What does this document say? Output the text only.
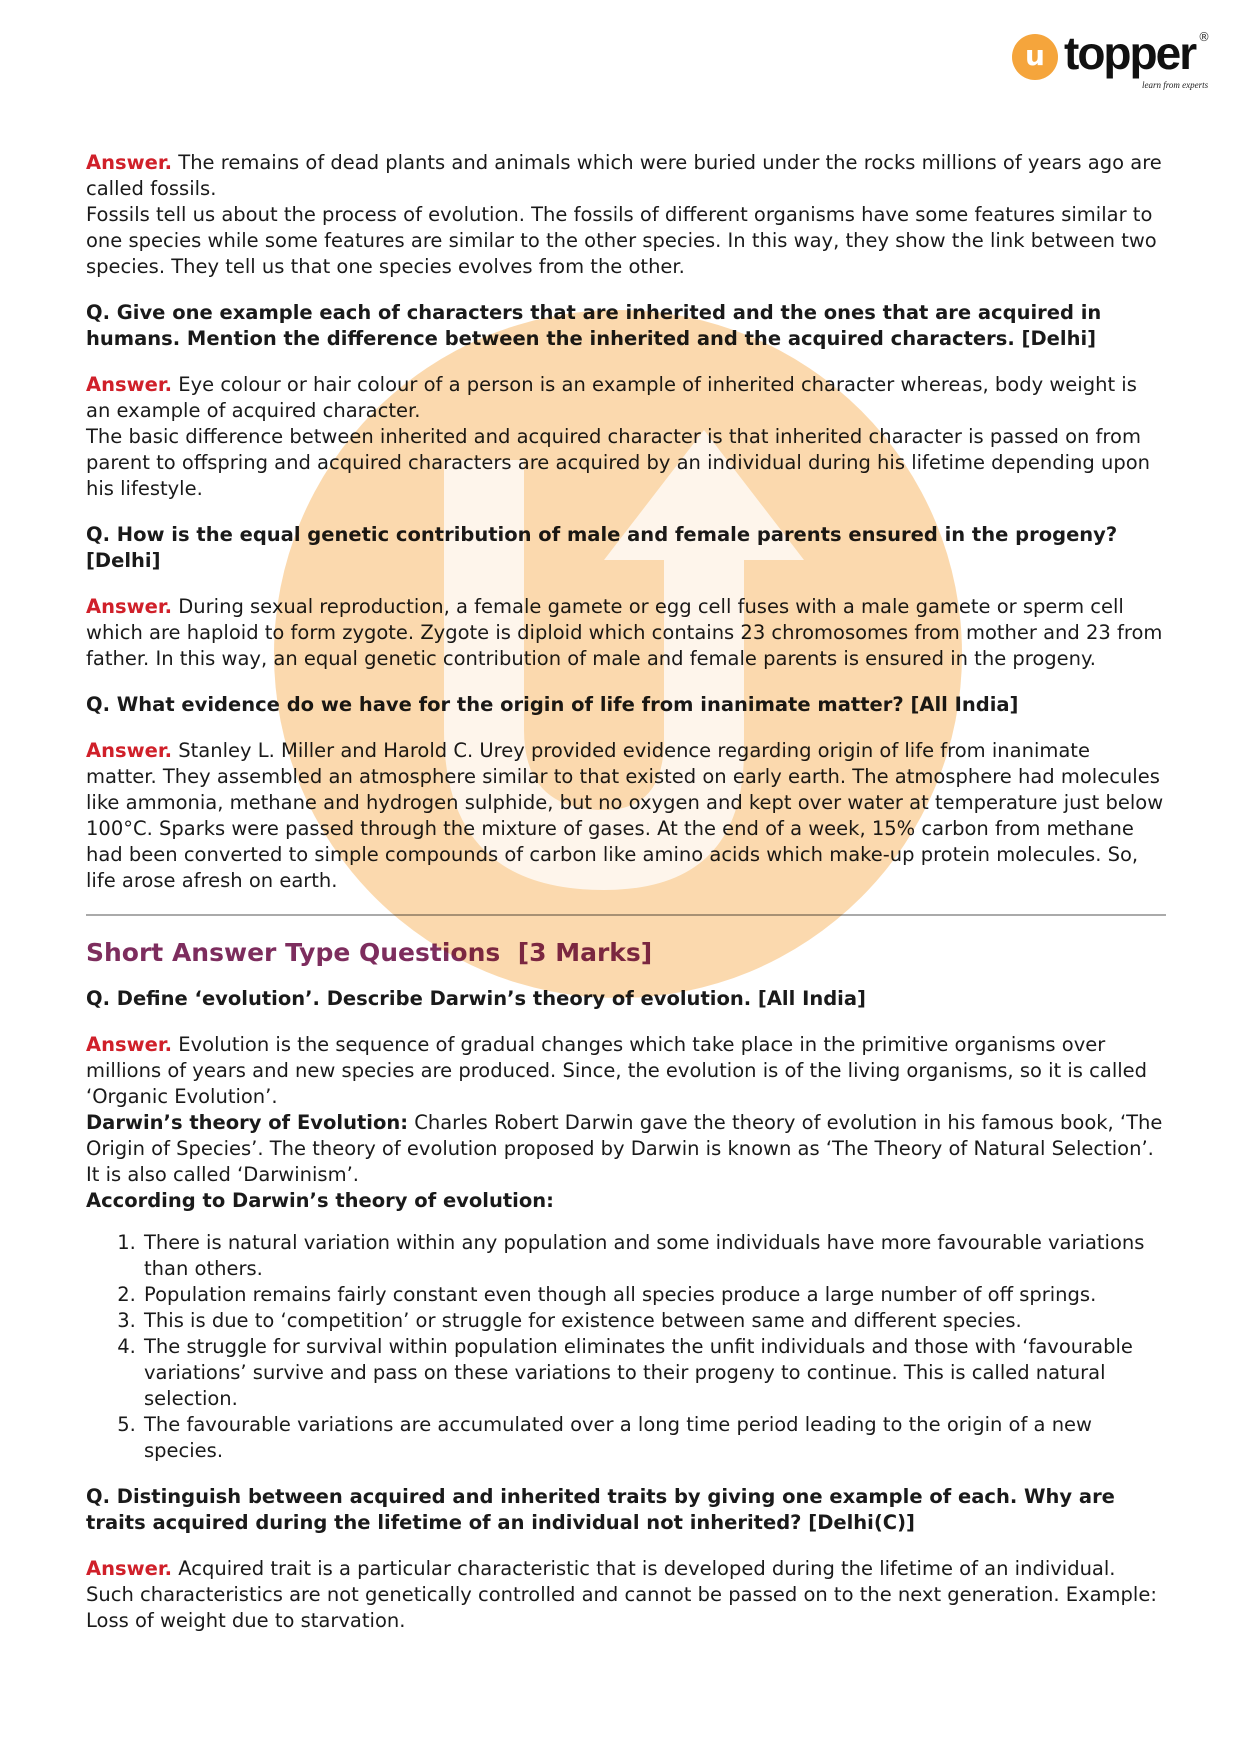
u topper ®
learn from experts

Answer. The remains of dead plants and animals which were buried under the rocks millions of years ago are called fossils.
Fossils tell us about the process of evolution. The fossils of different organisms have some features similar to one species while some features are similar to the other species. In this way, they show the link between two species. They tell us that one species evolves from the other.

Q. Give one example each of characters that are inherited and the ones that are acquired in humans. Mention the difference between the inherited and the acquired characters. [Delhi]

Answer. Eye colour or hair colour of a person is an example of inherited character whereas, body weight is an example of acquired character.
The basic difference between inherited and acquired character is that inherited character is passed on from parent to offspring and acquired characters are acquired by an individual during his lifetime depending upon his lifestyle.

Q. How is the equal genetic contribution of male and female parents ensured in the progeny? [Delhi]

Answer. During sexual reproduction, a female gamete or egg cell fuses with a male gamete or sperm cell which are haploid to form zygote. Zygote is diploid which contains 23 chromosomes from mother and 23 from father. In this way, an equal genetic contribution of male and female parents is ensured in the progeny.

Q. What evidence do we have for the origin of life from inanimate matter? [All India]

Answer. Stanley L. Miller and Harold C. Urey provided evidence regarding origin of life from inanimate matter. They assembled an atmosphere similar to that existed on early earth. The atmosphere had molecules like ammonia, methane and hydrogen sulphide, but no oxygen and kept over water at temperature just below 100°C. Sparks were passed through the mixture of gases. At the end of a week, 15% carbon from methane had been converted to simple compounds of carbon like amino acids which make-up protein molecules. So, life arose afresh on earth.

Short Answer Type Questions [3 Marks]

Q. Define ‘evolution’. Describe Darwin’s theory of evolution. [All India]

Answer. Evolution is the sequence of gradual changes which take place in the primitive organisms over millions of years and new species are produced. Since, the evolution is of the living organisms, so it is called ‘Organic Evolution’.
Darwin’s theory of Evolution: Charles Robert Darwin gave the theory of evolution in his famous book, ‘The Origin of Species’. The theory of evolution proposed by Darwin is known as ‘The Theory of Natural Selection’. It is also called ‘Darwinism’.
According to Darwin’s theory of evolution:

1. There is natural variation within any population and some individuals have more favourable variations than others.
2. Population remains fairly constant even though all species produce a large number of off springs.
3. This is due to ‘competition’ or struggle for existence between same and different species.
4. The struggle for survival within population eliminates the unfit individuals and those with ‘favourable variations’ survive and pass on these variations to their progeny to continue. This is called natural selection.
5. The favourable variations are accumulated over a long time period leading to the origin of a new species.

Q. Distinguish between acquired and inherited traits by giving one example of each. Why are traits acquired during the lifetime of an individual not inherited? [Delhi(C)]

Answer. Acquired trait is a particular characteristic that is developed during the lifetime of an individual. Such characteristics are not genetically controlled and cannot be passed on to the next generation. Example: Loss of weight due to starvation.
